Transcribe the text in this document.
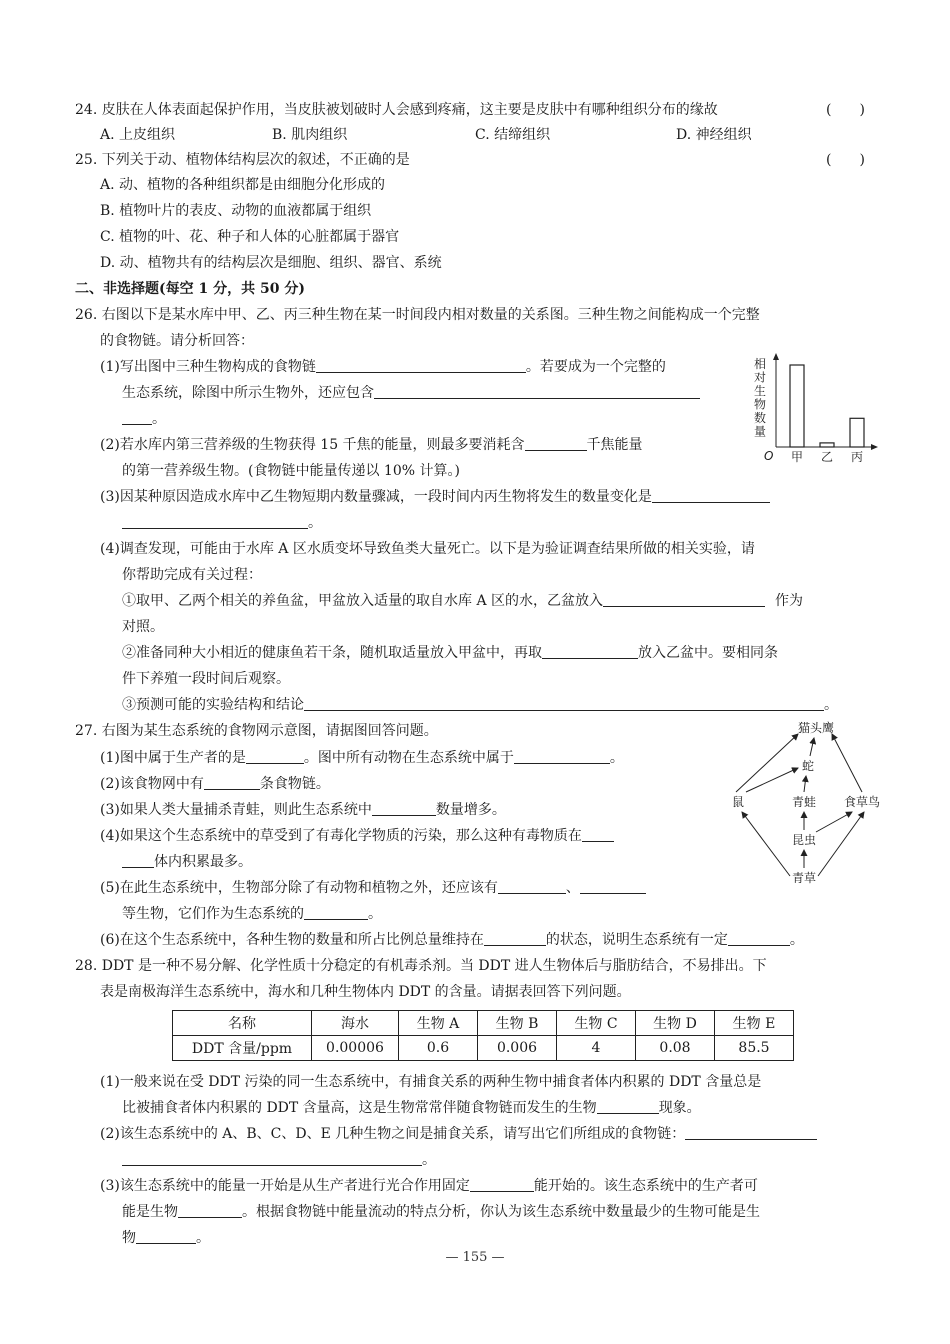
24. 皮肤在人体表面起保护作用，当皮肤被划破时人会感到疼痛，这主要是皮肤中有哪种组织分布的缘故	(　　)
A. 上皮组织	B. 肌肉组织	C. 结缔组织	D. 神经组织
25. 下列关于动、植物体结构层次的叙述，不正确的是	(　　)
A. 动、植物的各种组织都是由细胞分化形成的
B. 植物叶片的表皮、动物的血液都属于组织
C. 植物的叶、花、种子和人体的心脏都属于器官
D. 动、植物共有的结构层次是细胞、组织、器官、系统
二、非选择题(每空 1 分，共 50 分)
26. 右图以下是某水库中甲、乙、丙三种生物在某一时间段内相对数量的关系图。三种生物之间能构成一个完整
的食物链。请分析回答：
(1)写出图中三种生物构成的食物链	。若要成为一个完整的
生态系统，除图中所示生物外，还应包含
。
(2)若水库内第三营养级的生物获得 15 千焦的能量，则最多要消耗含	千焦能量
的第一营养级生物。(食物链中能量传递以 10% 计算。)
(3)因某种原因造成水库中乙生物短期内数量骤减，一段时间内丙生物将发生的数量变化是
。
(4)调查发现，可能由于水库 A 区水质变坏导致鱼类大量死亡。以下是为验证调查结果所做的相关实验，请
你帮助完成有关过程：
①取甲、乙两个相关的养鱼盆，甲盆放入适量的取自水库 A 区的水，乙盆放入	作为
对照。
②准备同种大小相近的健康鱼若干条，随机取适量放入甲盆中，再取	放入乙盆中。要相同条
件下养殖一段时间后观察。
③预测可能的实验结构和结论	。
相对生物数量
O 甲 乙 丙
27. 右图为某生态系统的食物网示意图，请据图回答问题。
(1)图中属于生产者的是	。图中所有动物在生态系统中属于	。
(2)该食物网中有	条食物链。
(3)如果人类大量捕杀青蛙，则此生态系统中	数量增多。
(4)如果这个生态系统中的草受到了有毒化学物质的污染，那么这种有毒物质在
体内积累最多。
(5)在此生态系统中，生物部分除了有动物和植物之外，还应该有	、
等生物，它们作为生态系统的	。
(6)在这个生态系统中，各种生物的数量和所占比例总量维持在	的状态，说明生态系统有一定	。
猫头鹰
蛇
鼠	青蛙 食草鸟
昆虫
青草
28. DDT 是一种不易分解、化学性质十分稳定的有机毒杀剂。当 DDT 进人生物体后与脂肪结合，不易排出。下
表是南极海洋生态系统中，海水和几种生物体内 DDT 的含量。请据表回答下列问题。
名称	海水	生物 A	生物 B	生物 C	生物 D	生物 E
DDT 含量/ppm	0.00006	0.6	0.006	4	0.08	85.5
(1)一般来说在受 DDT 污染的同一生态系统中，有捕食关系的两种生物中捕食者体内积累的 DDT 含量总是
比被捕食者体内积累的 DDT 含量高，这是生物常常伴随食物链而发生的生物	现象。
(2)该生态系统中的 A、B、C、D、E 几种生物之间是捕食关系，请写出它们所组成的食物链：
。
(3)该生态系统中的能量一开始是从生产者进行光合作用固定	能开始的。该生态系统中的生产者可
能是生物	。根据食物链中能量流动的特点分析，你认为该生态系统中数量最少的生物可能是生
物	。
— 155 —
